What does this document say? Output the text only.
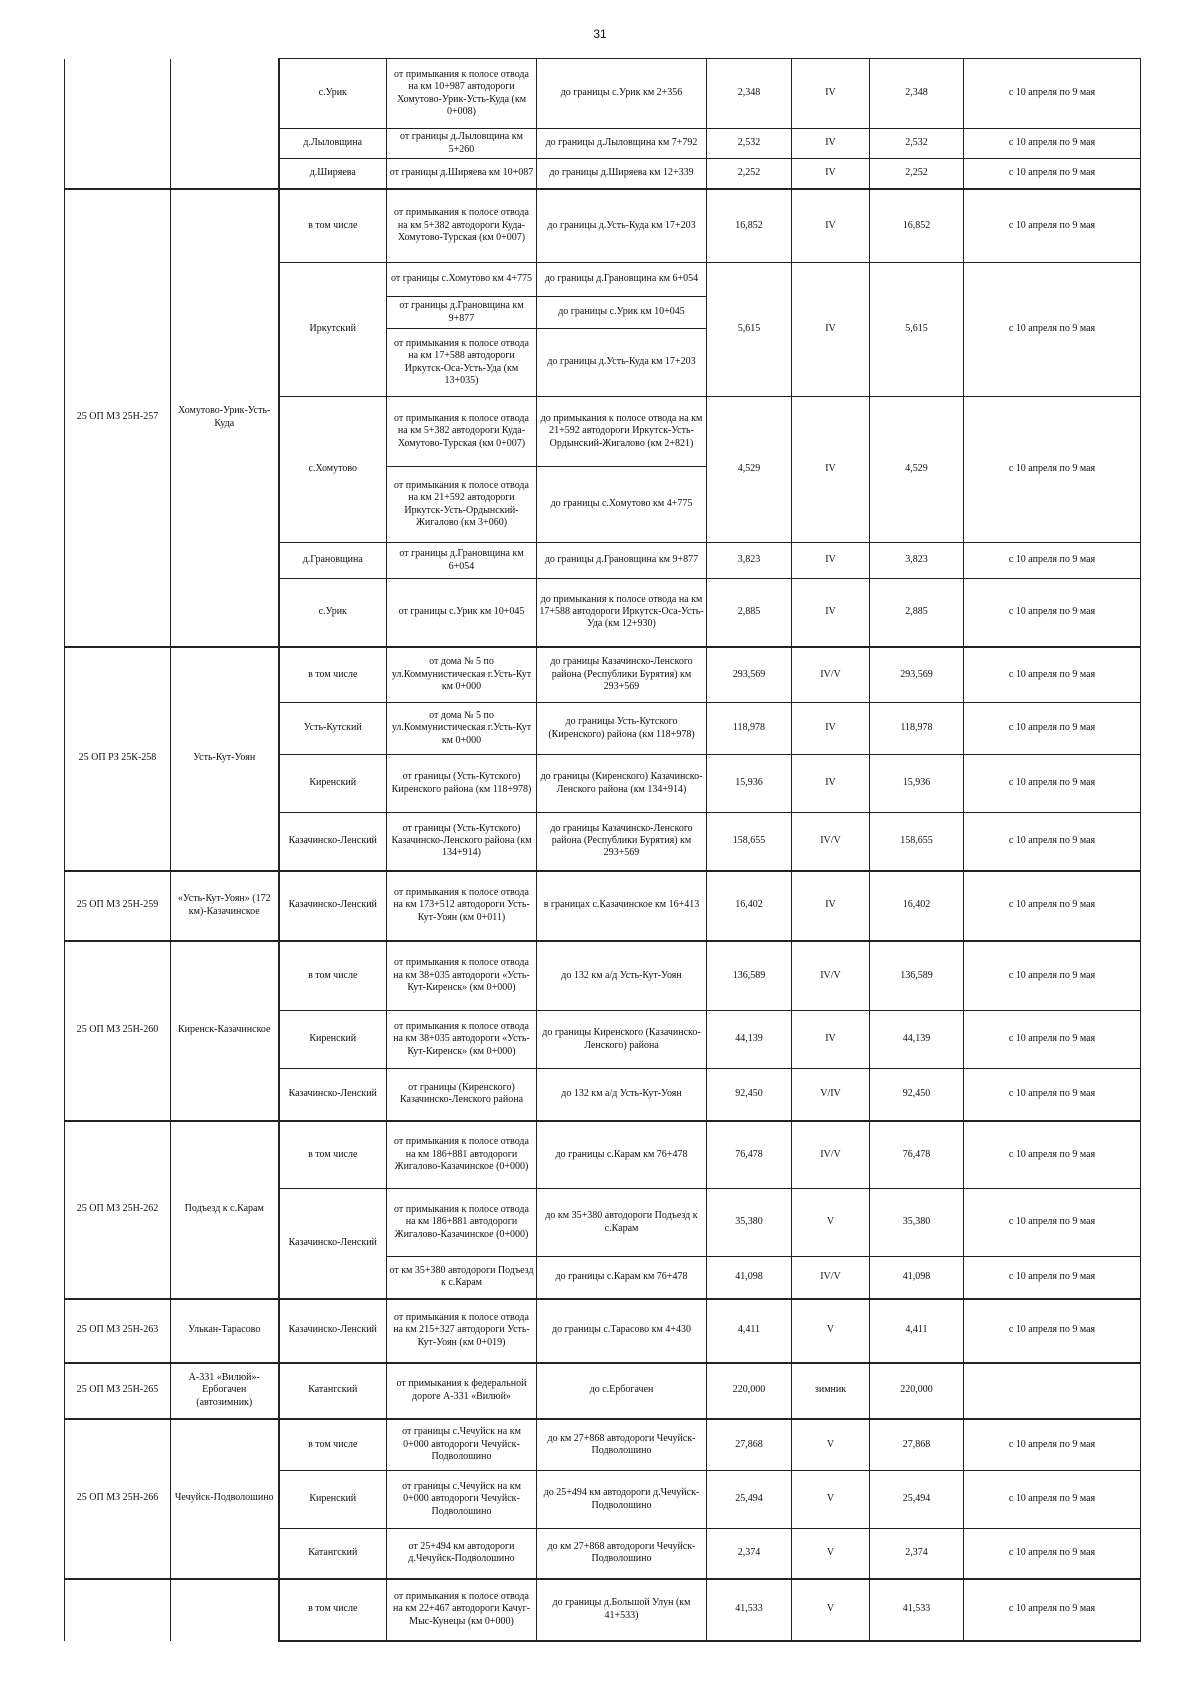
31
		с.Урик	от примыкания к полосе отвода на км 10+987 автодороги Хомутово-Урик-Усть-Куда (км 0+008)	до границы с.Урик км 2+356	2,348	IV	2,348	с 10 апреля по 9 мая
		д.Лыловщина	от границы д.Лыловщина км 5+260	до границы д.Лыловщина км 7+792	2,532	IV	2,532	с 10 апреля по 9 мая
		д.Ширяева	от границы д.Ширяева км 10+087	до границы д.Ширяева км 12+339	2,252	IV	2,252	с 10 апреля по 9 мая
25 ОП МЗ 25Н-257	Хомутово-Урик-Усть-Куда	в том числе	от примыкания к полосе отвода на км 5+382 автодороги Куда-Хомутово-Турская (км 0+007)	до границы д.Усть-Куда км 17+203	16,852	IV	16,852	с 10 апреля по 9 мая
		Иркутский	от границы с.Хомутово км 4+775	до границы д.Грановщина км 6+054	5,615	IV	5,615	с 10 апреля по 9 мая
			от границы д.Грановщина км 9+877	до границы с.Урик км 10+045				
			от примыкания к полосе отвода на км 17+588 автодороги Иркутск-Оса-Усть-Уда (км 13+035)	до границы д.Усть-Куда км 17+203				
		с.Хомутово	от примыкания к полосе отвода на км 5+382 автодороги Куда-Хомутово-Турская (км 0+007)	до примыкания к полосе отвода на км 21+592 автодороги Иркутск-Усть-Ордынский-Жигалово (км 2+821)	4,529	IV	4,529	с 10 апреля по 9 мая
			от примыкания к полосе отвода на км 21+592 автодороги Иркутск-Усть-Ордынский-Жигалово (км 3+060)	до границы с.Хомутово км 4+775				
		д.Грановщина	от границы д.Грановщина км 6+054	до границы д.Грановщина км 9+877	3,823	IV	3,823	с 10 апреля по 9 мая
		с.Урик	от границы с.Урик км 10+045	до примыкания к полосе отвода на км 17+588 автодороги Иркутск-Оса-Усть-Уда (км 12+930)	2,885	IV	2,885	с 10 апреля по 9 мая
25 ОП РЗ 25К-258	Усть-Кут-Уоян	в том числе	от дома № 5 по ул.Коммунистическая г.Усть-Кут км 0+000	до границы Казачинско-Ленского района (Республики Бурятия) км 293+569	293,569	IV/V	293,569	с 10 апреля по 9 мая
		Усть-Кутский	от дома № 5 по ул.Коммунистическая г.Усть-Кут км 0+000	до границы Усть-Кутского (Киренского) района (км 118+978)	118,978	IV	118,978	с 10 апреля по 9 мая
		Киренский	от границы (Усть-Кутского) Киренского района (км 118+978)	до границы (Киренского) Казачинско-Ленского района (км 134+914)	15,936	IV	15,936	с 10 апреля по 9 мая
		Казачинско-Ленский	от границы (Усть-Кутского) Казачинско-Ленского района (км 134+914)	до границы Казачинско-Ленского района (Республики Бурятия) км 293+569	158,655	IV/V	158,655	с 10 апреля по 9 мая
25 ОП МЗ 25Н-259	«Усть-Кут-Уоян» (172 км)-Казачинское	Казачинско-Ленский	от примыкания к полосе отвода на км 173+512 автодороги Усть-Кут-Уоян (км 0+011)	в границах с.Казачинское км 16+413	16,402	IV	16,402	с 10 апреля по 9 мая
25 ОП МЗ 25Н-260	Киренск-Казачинское	в том числе	от примыкания к полосе отвода на км 38+035 автодороги «Усть-Кут-Киренск» (км 0+000)	до 132 км а/д Усть-Кут-Уоян	136,589	IV/V	136,589	с 10 апреля по 9 мая
		Киренский	от примыкания к полосе отвода на км 38+035 автодороги «Усть-Кут-Киренск» (км 0+000)	до границы Киренского (Казачинско-Ленского) района	44,139	IV	44,139	с 10 апреля по 9 мая
		Казачинско-Ленский	от границы (Киренского) Казачинско-Ленского района	до 132 км а/д Усть-Кут-Уоян	92,450	V/IV	92,450	с 10 апреля по 9 мая
25 ОП МЗ 25Н-262	Подъезд к с.Карам	в том числе	от примыкания к полосе отвода на км 186+881 автодороги Жигалово-Казачинское (0+000)	до границы с.Карам км 76+478	76,478	IV/V	76,478	с 10 апреля по 9 мая
		Казачинско-Ленский	от примыкания к полосе отвода на км 186+881 автодороги Жигалово-Казачинское (0+000)	до км 35+380 автодороги Подъезд к с.Карам	35,380	V	35,380	с 10 апреля по 9 мая
			от км 35+380 автодороги Подъезд к с.Карам	до границы с.Карам км 76+478	41,098	IV/V	41,098	с 10 апреля по 9 мая
25 ОП МЗ 25Н-263	Улькан-Тарасово	Казачинско-Ленский	от примыкания к полосе отвода на км 215+327 автодороги Усть-Кут-Уоян (км 0+019)	до границы с.Тарасово км 4+430	4,411	V	4,411	с 10 апреля по 9 мая
25 ОП МЗ 25Н-265	А-331 «Вилюй»-Ербогачен (автозимник)	Катангский	от примыкания к федеральной дороге А-331 «Вилюй»	до с.Ербогачен	220,000	зимник	220,000	
25 ОП МЗ 25Н-266	Чечуйск-Подволошино	в том числе	от границы с.Чечуйск на км 0+000 автодороги Чечуйск-Подволошино	до км 27+868 автодороги Чечуйск-Подволошино	27,868	V	27,868	с 10 апреля по 9 мая
		Киренский	от границы с.Чечуйск на км 0+000 автодороги Чечуйск-Подволошино	до 25+494 км автодороги д.Чечуйск-Подволошино	25,494	V	25,494	с 10 апреля по 9 мая
		Катангский	от 25+494 км автодороги д.Чечуйск-Подволошино	до км 27+868 автодороги Чечуйск-Подволошино	2,374	V	2,374	с 10 апреля по 9 мая
		в том числе	от примыкания к полосе отвода на км 22+467 автодороги Качуг-Мыс-Кунецы (км 0+000)	до границы д.Большой Улун (км 41+533)	41,533	V	41,533	с 10 апреля по 9 мая
